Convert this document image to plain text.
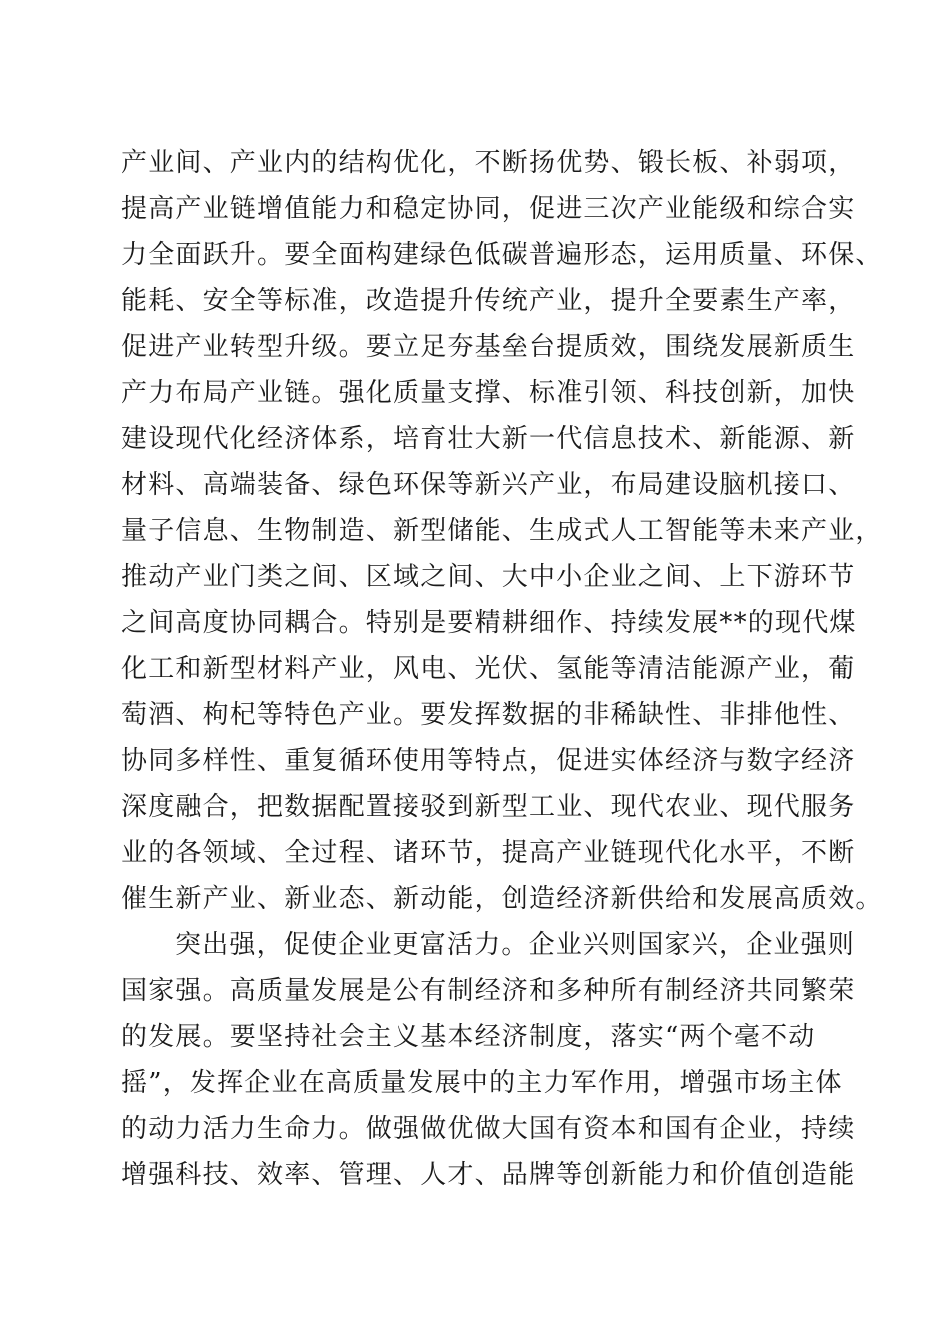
产业间、产业内的结构优化，不断扬优势、锻长板、补弱项，
提高产业链增值能力和稳定协同，促进三次产业能级和综合实
力全面跃升。要全面构建绿色低碳普遍形态，运用质量、环保、
能耗、安全等标准，改造提升传统产业，提升全要素生产率，
促进产业转型升级。要立足夯基垒台提质效，围绕发展新质生
产力布局产业链。强化质量支撑、标准引领、科技创新，加快
建设现代化经济体系，培育壮大新一代信息技术、新能源、新
材料、高端装备、绿色环保等新兴产业，布局建设脑机接口、
量子信息、生物制造、新型储能、生成式人工智能等未来产业，
推动产业门类之间、区域之间、大中小企业之间、上下游环节
之间高度协同耦合。特别是要精耕细作、持续发展**的现代煤
化工和新型材料产业，风电、光伏、氢能等清洁能源产业，葡
萄酒、枸杞等特色产业。要发挥数据的非稀缺性、非排他性、
协同多样性、重复循环使用等特点，促进实体经济与数字经济
深度融合，把数据配置接驳到新型工业、现代农业、现代服务
业的各领域、全过程、诸环节，提高产业链现代化水平，不断
催生新产业、新业态、新动能，创造经济新供给和发展高质效。
突出强，促使企业更富活力。企业兴则国家兴，企业强则
国家强。高质量发展是公有制经济和多种所有制经济共同繁荣
的发展。要坚持社会主义基本经济制度，落实“两个毫不动
摇”，发挥企业在高质量发展中的主力军作用，增强市场主体
的动力活力生命力。做强做优做大国有资本和国有企业，持续
增强科技、效率、管理、人才、品牌等创新能力和价值创造能
